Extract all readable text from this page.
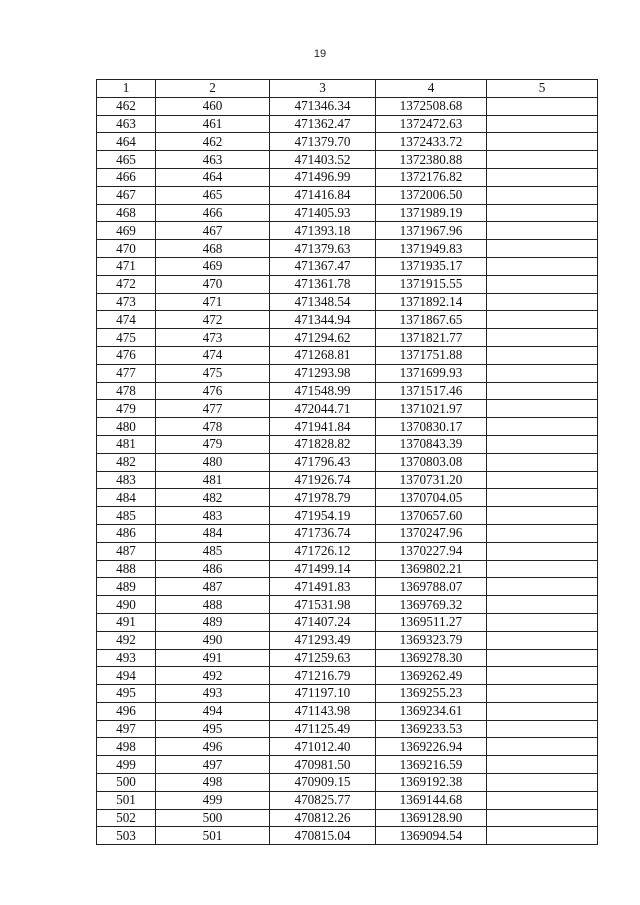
19
1	2	3	4	5
462	460	471346.34	1372508.68	
463	461	471362.47	1372472.63	
464	462	471379.70	1372433.72	
465	463	471403.52	1372380.88	
466	464	471496.99	1372176.82	
467	465	471416.84	1372006.50	
468	466	471405.93	1371989.19	
469	467	471393.18	1371967.96	
470	468	471379.63	1371949.83	
471	469	471367.47	1371935.17	
472	470	471361.78	1371915.55	
473	471	471348.54	1371892.14	
474	472	471344.94	1371867.65	
475	473	471294.62	1371821.77	
476	474	471268.81	1371751.88	
477	475	471293.98	1371699.93	
478	476	471548.99	1371517.46	
479	477	472044.71	1371021.97	
480	478	471941.84	1370830.17	
481	479	471828.82	1370843.39	
482	480	471796.43	1370803.08	
483	481	471926.74	1370731.20	
484	482	471978.79	1370704.05	
485	483	471954.19	1370657.60	
486	484	471736.74	1370247.96	
487	485	471726.12	1370227.94	
488	486	471499.14	1369802.21	
489	487	471491.83	1369788.07	
490	488	471531.98	1369769.32	
491	489	471407.24	1369511.27	
492	490	471293.49	1369323.79	
493	491	471259.63	1369278.30	
494	492	471216.79	1369262.49	
495	493	471197.10	1369255.23	
496	494	471143.98	1369234.61	
497	495	471125.49	1369233.53	
498	496	471012.40	1369226.94	
499	497	470981.50	1369216.59	
500	498	470909.15	1369192.38	
501	499	470825.77	1369144.68	
502	500	470812.26	1369128.90	
503	501	470815.04	1369094.54	
